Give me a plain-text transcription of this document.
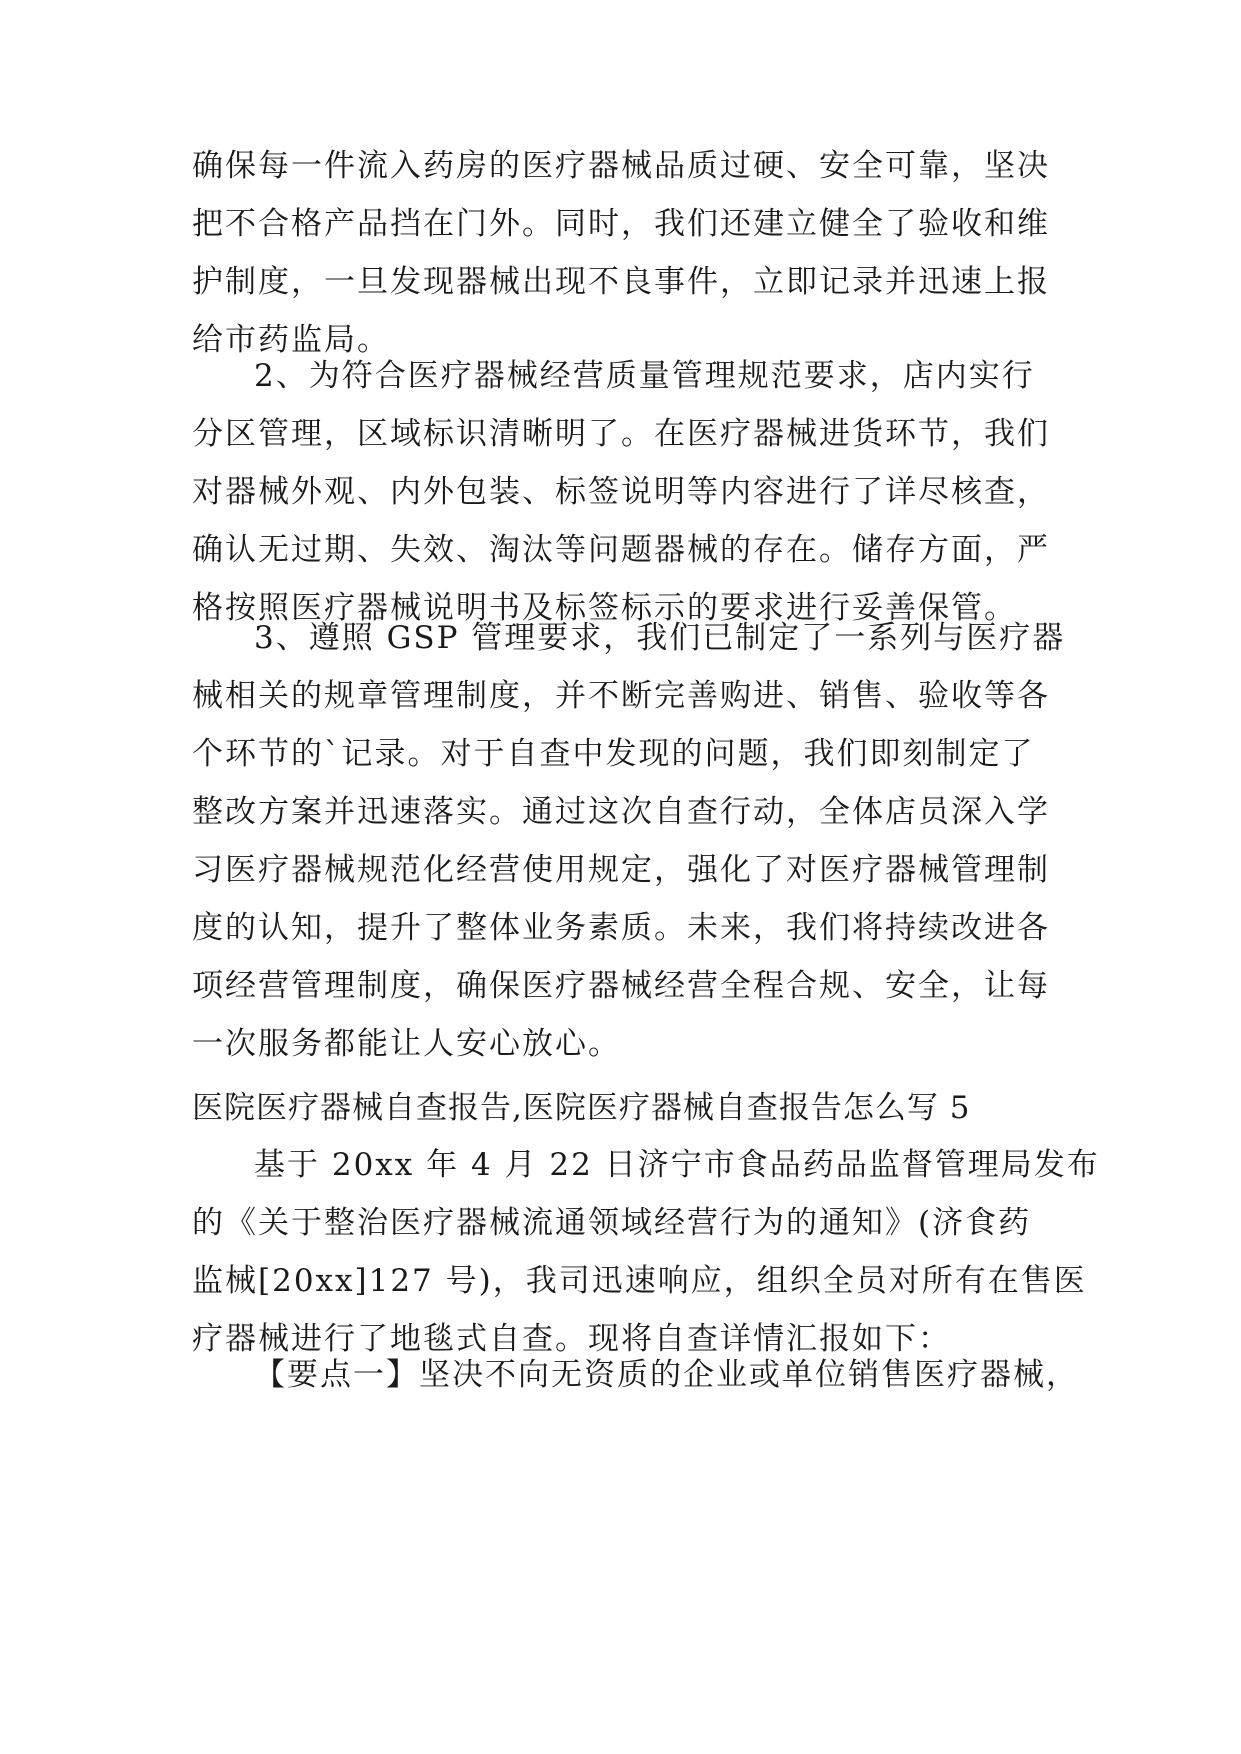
确保每一件流入药房的医疗器械品质过硬、安全可靠，坚决
把不合格产品挡在门外。同时，我们还建立健全了验收和维
护制度，一旦发现器械出现不良事件，立即记录并迅速上报
给市药监局。
2、为符合医疗器械经营质量管理规范要求，店内实行
分区管理，区域标识清晰明了。在医疗器械进货环节，我们
对器械外观、内外包装、标签说明等内容进行了详尽核查，
确认无过期、失效、淘汰等问题器械的存在。储存方面，严
格按照医疗器械说明书及标签标示的要求进行妥善保管。
3、遵照 GSP 管理要求，我们已制定了一系列与医疗器
械相关的规章管理制度，并不断完善购进、销售、验收等各
个环节的`记录。对于自查中发现的问题，我们即刻制定了
整改方案并迅速落实。通过这次自查行动，全体店员深入学
习医疗器械规范化经营使用规定，强化了对医疗器械管理制
度的认知，提升了整体业务素质。未来，我们将持续改进各
项经营管理制度，确保医疗器械经营全程合规、安全，让每
一次服务都能让人安心放心。
医院医疗器械自查报告,医院医疗器械自查报告怎么写 5
基于 20xx 年 4 月 22 日济宁市食品药品监督管理局发布
的《关于整治医疗器械流通领域经营行为的通知》(济食药
监械[20xx]127 号)，我司迅速响应，组织全员对所有在售医
疗器械进行了地毯式自查。现将自查详情汇报如下：
【要点一】坚决不向无资质的企业或单位销售医疗器械，
